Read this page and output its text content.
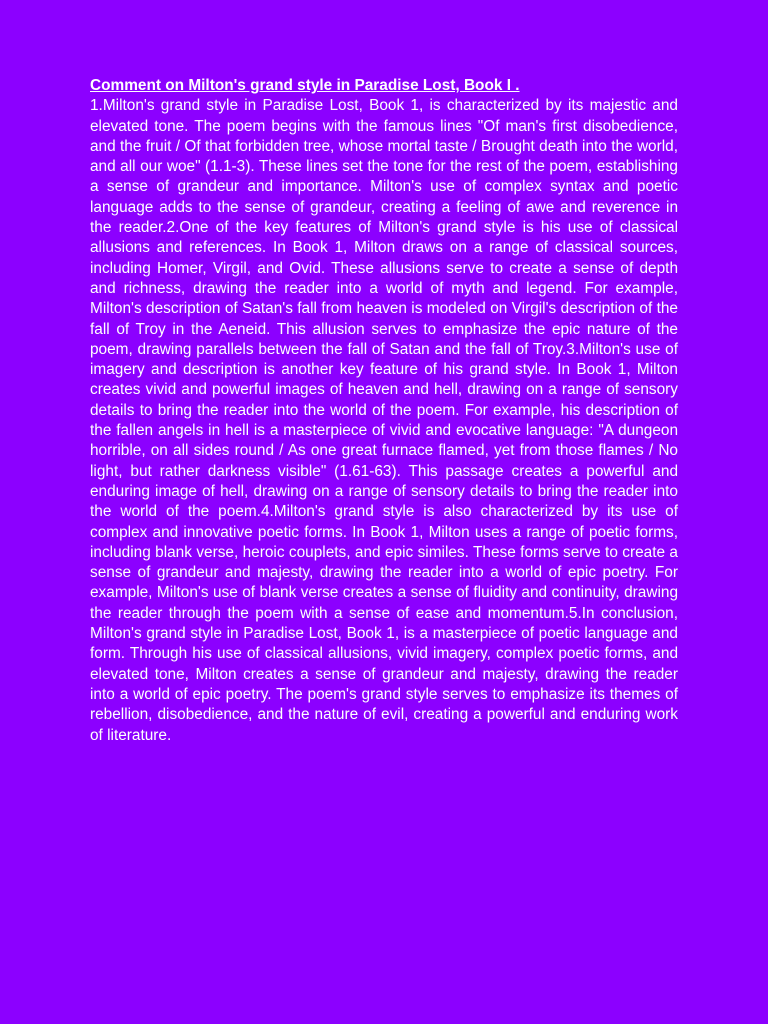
Comment on Milton's grand style in Paradise Lost, Book I .

1.Milton's grand style in Paradise Lost, Book 1, is characterized by its majestic and elevated tone. The poem begins with the famous lines "Of man's first disobedience, and the fruit / Of that forbidden tree, whose mortal taste / Brought death into the world, and all our woe" (1.1-3). These lines set the tone for the rest of the poem, establishing a sense of grandeur and importance. Milton's use of complex syntax and poetic language adds to the sense of grandeur, creating a feeling of awe and reverence in the reader.2.One of the key features of Milton's grand style is his use of classical allusions and references. In Book 1, Milton draws on a range of classical sources, including Homer, Virgil, and Ovid. These allusions serve to create a sense of depth and richness, drawing the reader into a world of myth and legend. For example, Milton's description of Satan's fall from heaven is modeled on Virgil's description of the fall of Troy in the Aeneid. This allusion serves to emphasize the epic nature of the poem, drawing parallels between the fall of Satan and the fall of Troy.3.Milton's use of imagery and description is another key feature of his grand style. In Book 1, Milton creates vivid and powerful images of heaven and hell, drawing on a range of sensory details to bring the reader into the world of the poem. For example, his description of the fallen angels in hell is a masterpiece of vivid and evocative language: "A dungeon horrible, on all sides round / As one great furnace flamed, yet from those flames / No light, but rather darkness visible" (1.61-63). This passage creates a powerful and enduring image of hell, drawing on a range of sensory details to bring the reader into the world of the poem.4.Milton's grand style is also characterized by its use of complex and innovative poetic forms. In Book 1, Milton uses a range of poetic forms, including blank verse, heroic couplets, and epic similes. These forms serve to create a sense of grandeur and majesty, drawing the reader into a world of epic poetry. For example, Milton's use of blank verse creates a sense of fluidity and continuity, drawing the reader through the poem with a sense of ease and momentum.5.In conclusion, Milton's grand style in Paradise Lost, Book 1, is a masterpiece of poetic language and form. Through his use of classical allusions, vivid imagery, complex poetic forms, and elevated tone, Milton creates a sense of grandeur and majesty, drawing the reader into a world of epic poetry. The poem's grand style serves to emphasize its themes of rebellion, disobedience, and the nature of evil, creating a powerful and enduring work of literature.
